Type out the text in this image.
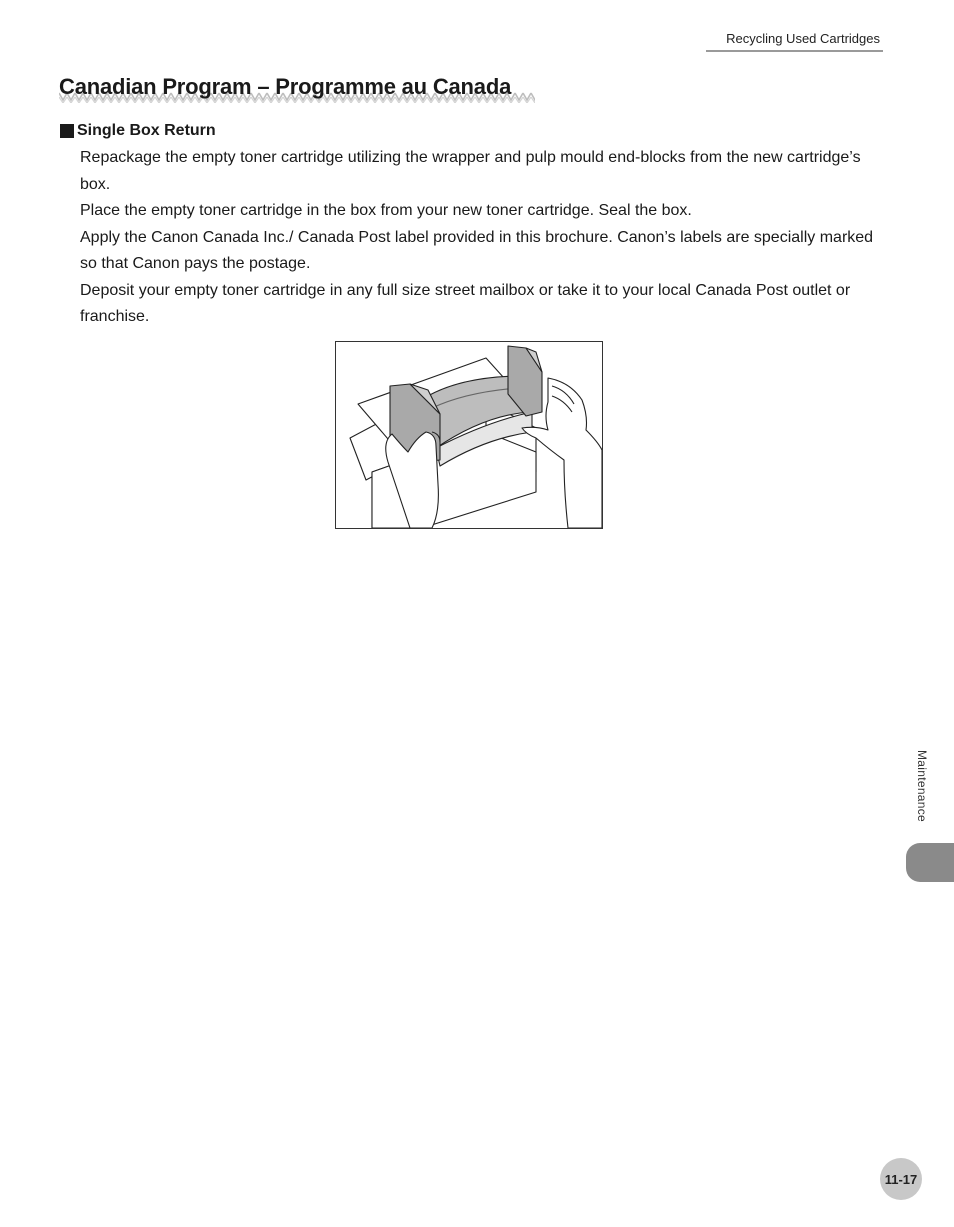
Recycling Used Cartridges
Canadian Program – Programme au Canada
Single Box Return

Repackage the empty toner cartridge utilizing the wrapper and pulp mould end-blocks from the new cartridge’s box.

Place the empty toner cartridge in the box from your new toner cartridge. Seal the box.

Apply the Canon Canada Inc./ Canada Post label provided in this brochure. Canon’s labels are specially marked so that Canon pays the postage.

Deposit your empty toner cartridge in any full size street mailbox or take it to your local Canada Post outlet or franchise.

Maintenance
11-17
